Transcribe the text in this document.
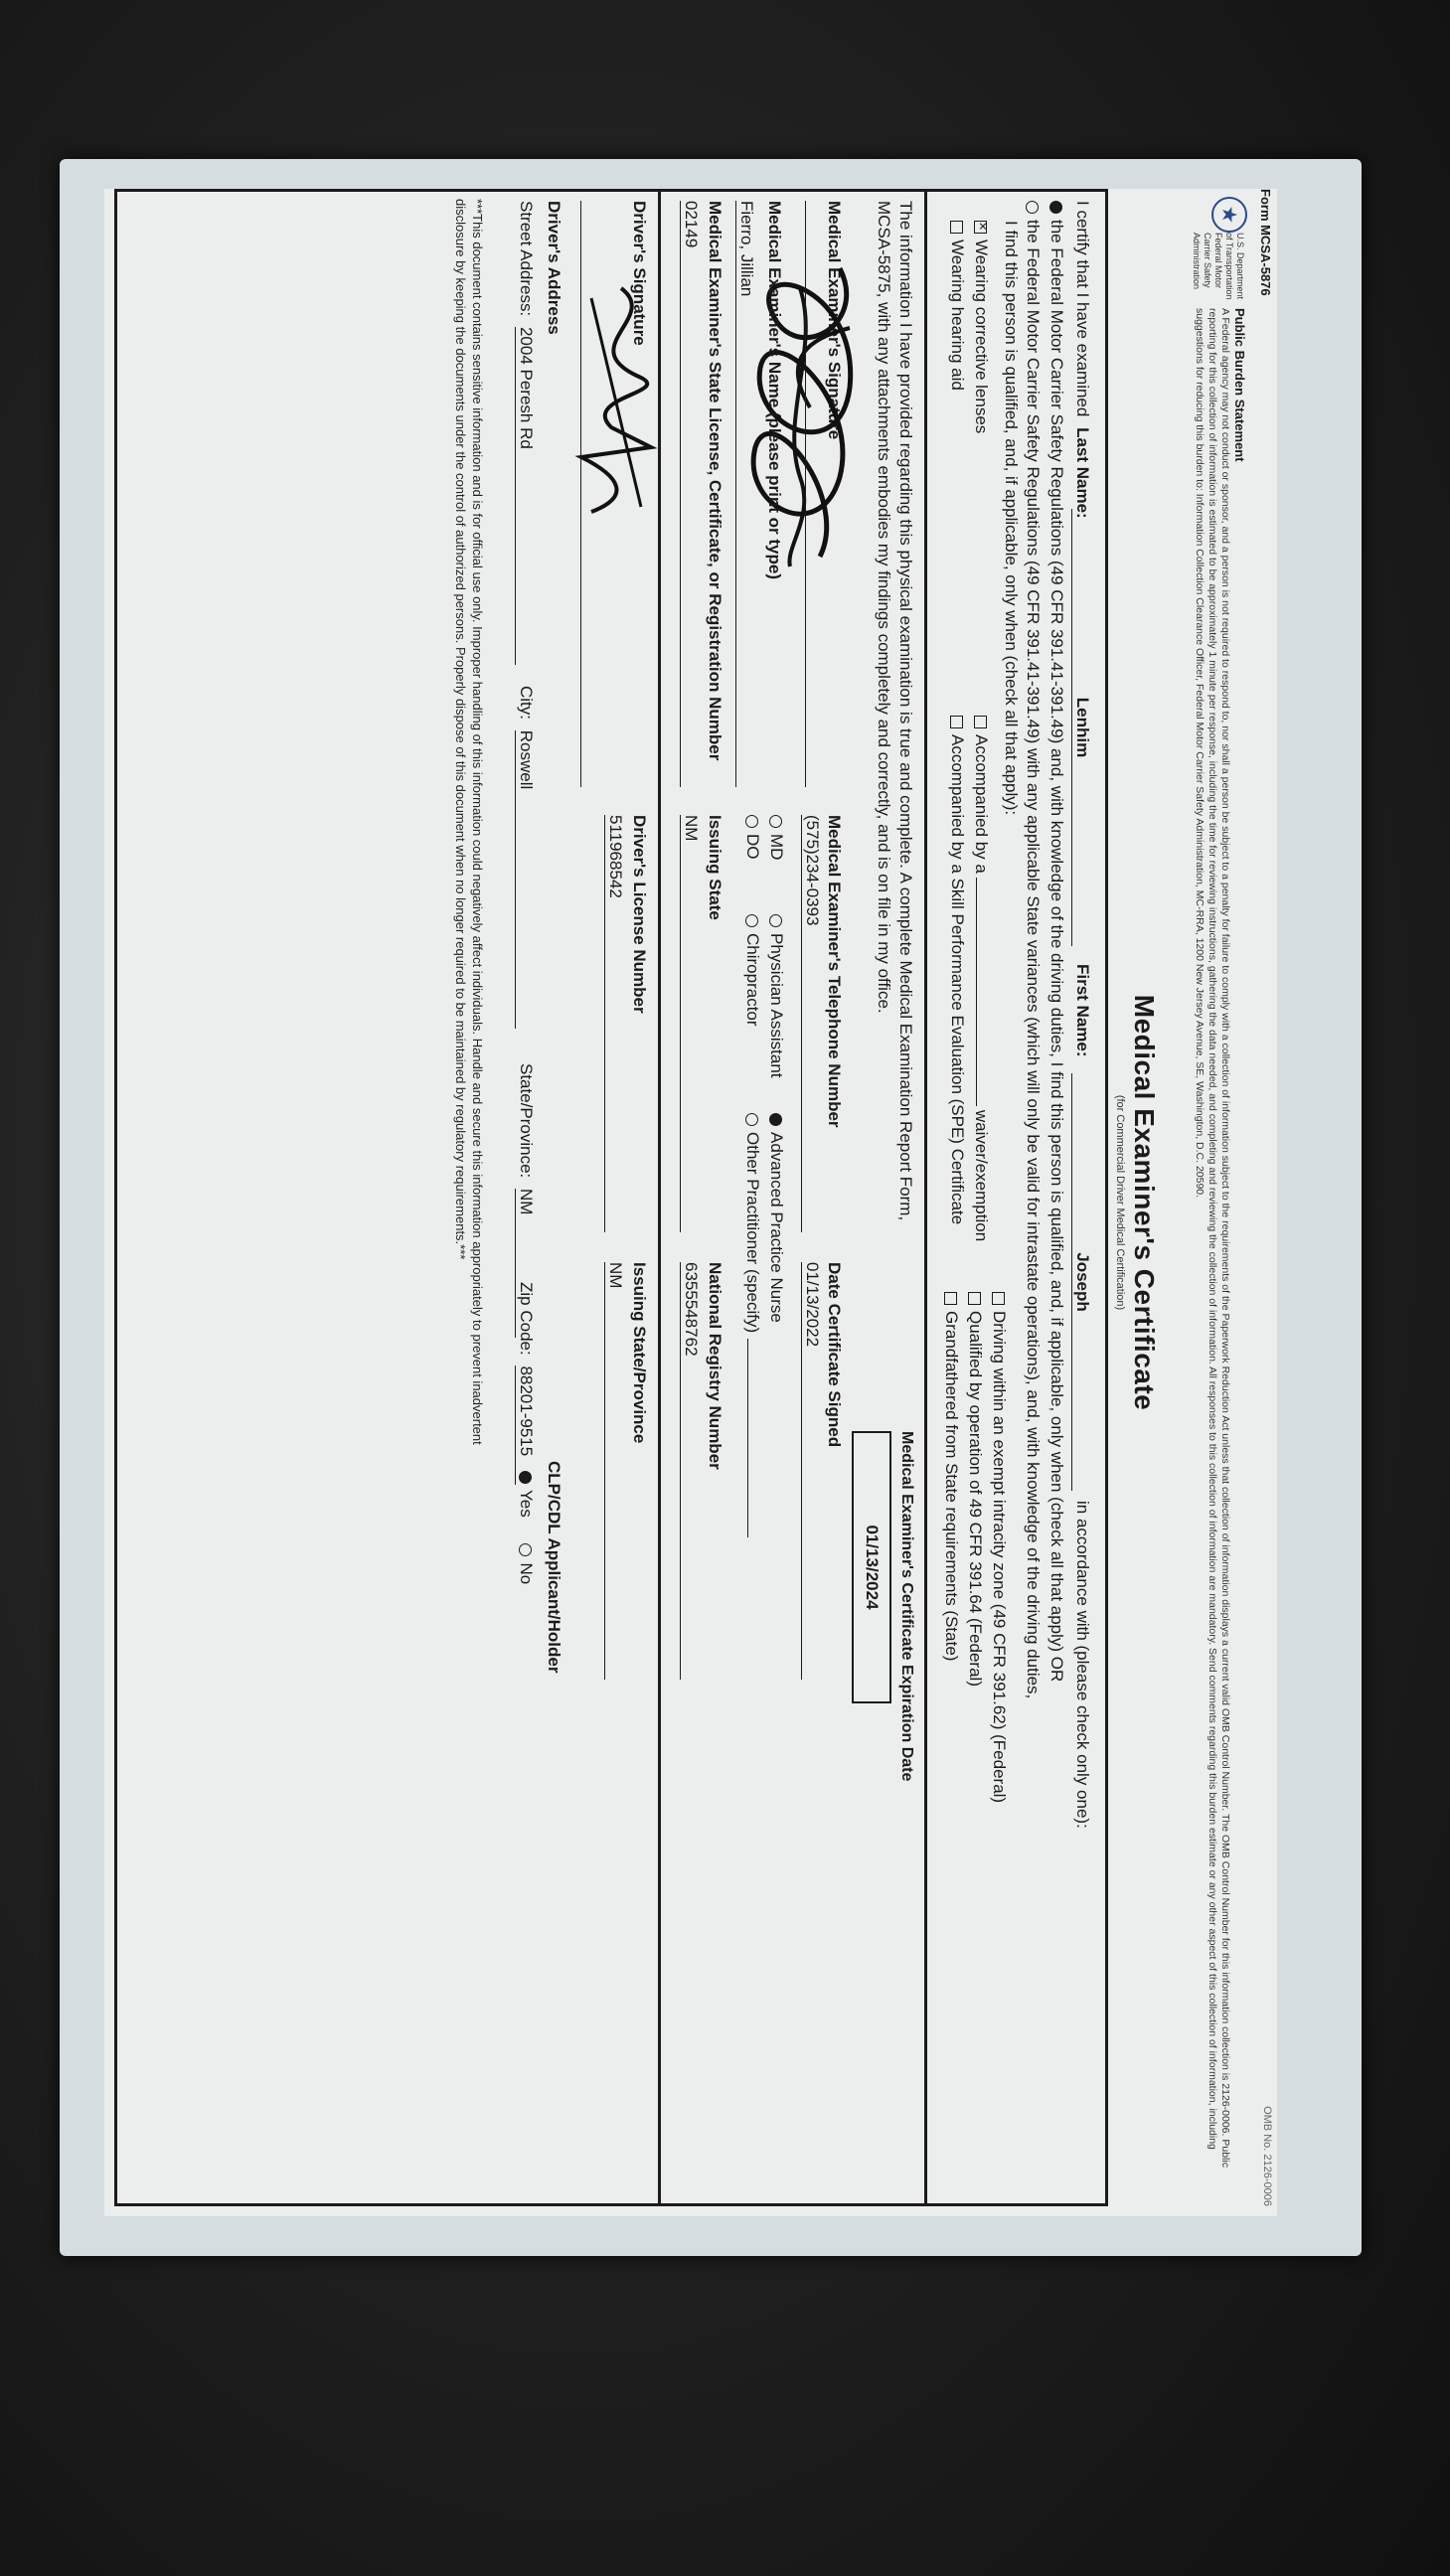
Form MCSA-5876
OMB No. 2126-0006
★
U.S. Department of Transportation Federal Motor Carrier Safety Administration
Public Burden Statement
A Federal agency may not conduct or sponsor, and a person is not required to respond to, nor shall a person be subject to a penalty for failure to comply with a collection of information subject to the requirements of the Paperwork Reduction Act unless that collection of information displays a current valid OMB Control Number. The OMB Control Number for this information collection is 2126-0006. Public reporting for this collection of information is estimated to be approximately 1 minute per response, including the time for reviewing instructions, gathering the data needed, and completing and reviewing the collection of information. All responses to this collection of information are mandatory. Send comments regarding this burden estimate or any other aspect of this collection of information, including suggestions for reducing this burden to: Information Collection Clearance Officer, Federal Motor Carrier Safety Administration, MC-RRA, 1200 New Jersey Avenue, SE, Washington, D.C. 20590.
Medical Examiner's Certificate
(for Commercial Driver Medical Certification)
I certify that I have examined Last Name:
Lenhim
First Name:
Joseph
in accordance with (please check only one):
the Federal Motor Carrier Safety Regulations (49 CFR 391.41-391.49) and, with knowledge of the driving duties, I find this person is qualified, and, if applicable, only when (check all that apply) OR
the Federal Motor Carrier Safety Regulations (49 CFR 391.41-391.49) with any applicable State variances (which will only be valid for intrastate operations), and, with knowledge of the driving duties,
I find this person is qualified, and, if applicable, only when (check all that apply):
✕Wearing corrective lenses
Wearing hearing aid
Accompanied by awaiver/exemption
Accompanied by a Skill Performance Evaluation (SPE) Certificate
Driving within an exempt intracity zone (49 CFR 391.62) (Federal)
Qualified by operation of 49 CFR 391.64 (Federal)
Grandfathered from State requirements (State)
The information I have provided regarding this physical examination is true and complete. A complete Medical Examination Report Form,
MCSA-5875, with any attachments embodies my findings completely and correctly, and is on file in my office.
Medical Examiner's Certificate Expiration Date
01/13/2024
Medical Examiner's Signature
Medical Examiner's Telephone Number
(575)234-0393
Date Certificate Signed
01/13/2022
Medical Examiner's Name (please print or type)
Fierro, Jillian
MD
DO
Physician Assistant
Chiropractor
Advanced Practice Nurse
Other Practitioner (specify)
Medical Examiner's State License, Certificate, or Registration Number
02149
Issuing State
NM
National Registry Number
6355548762
Driver's Signature
Driver's License Number
511968542
Issuing State/Province
NM
Driver's Address
CLP/CDL Applicant/Holder
Street Address: 2004 Peresh Rd
City: Roswell
State/Province: NM
Zip Code: 88201-9515
Yes No
***This document contains sensitive information and is for official use only. Improper handling of this information could negatively affect individuals. Handle and secure this information appropriately to prevent inadvertent
disclosure by keeping the documents under the control of authorized persons. Properly dispose of this document when no longer required to be maintained by regulatory requirements.***
